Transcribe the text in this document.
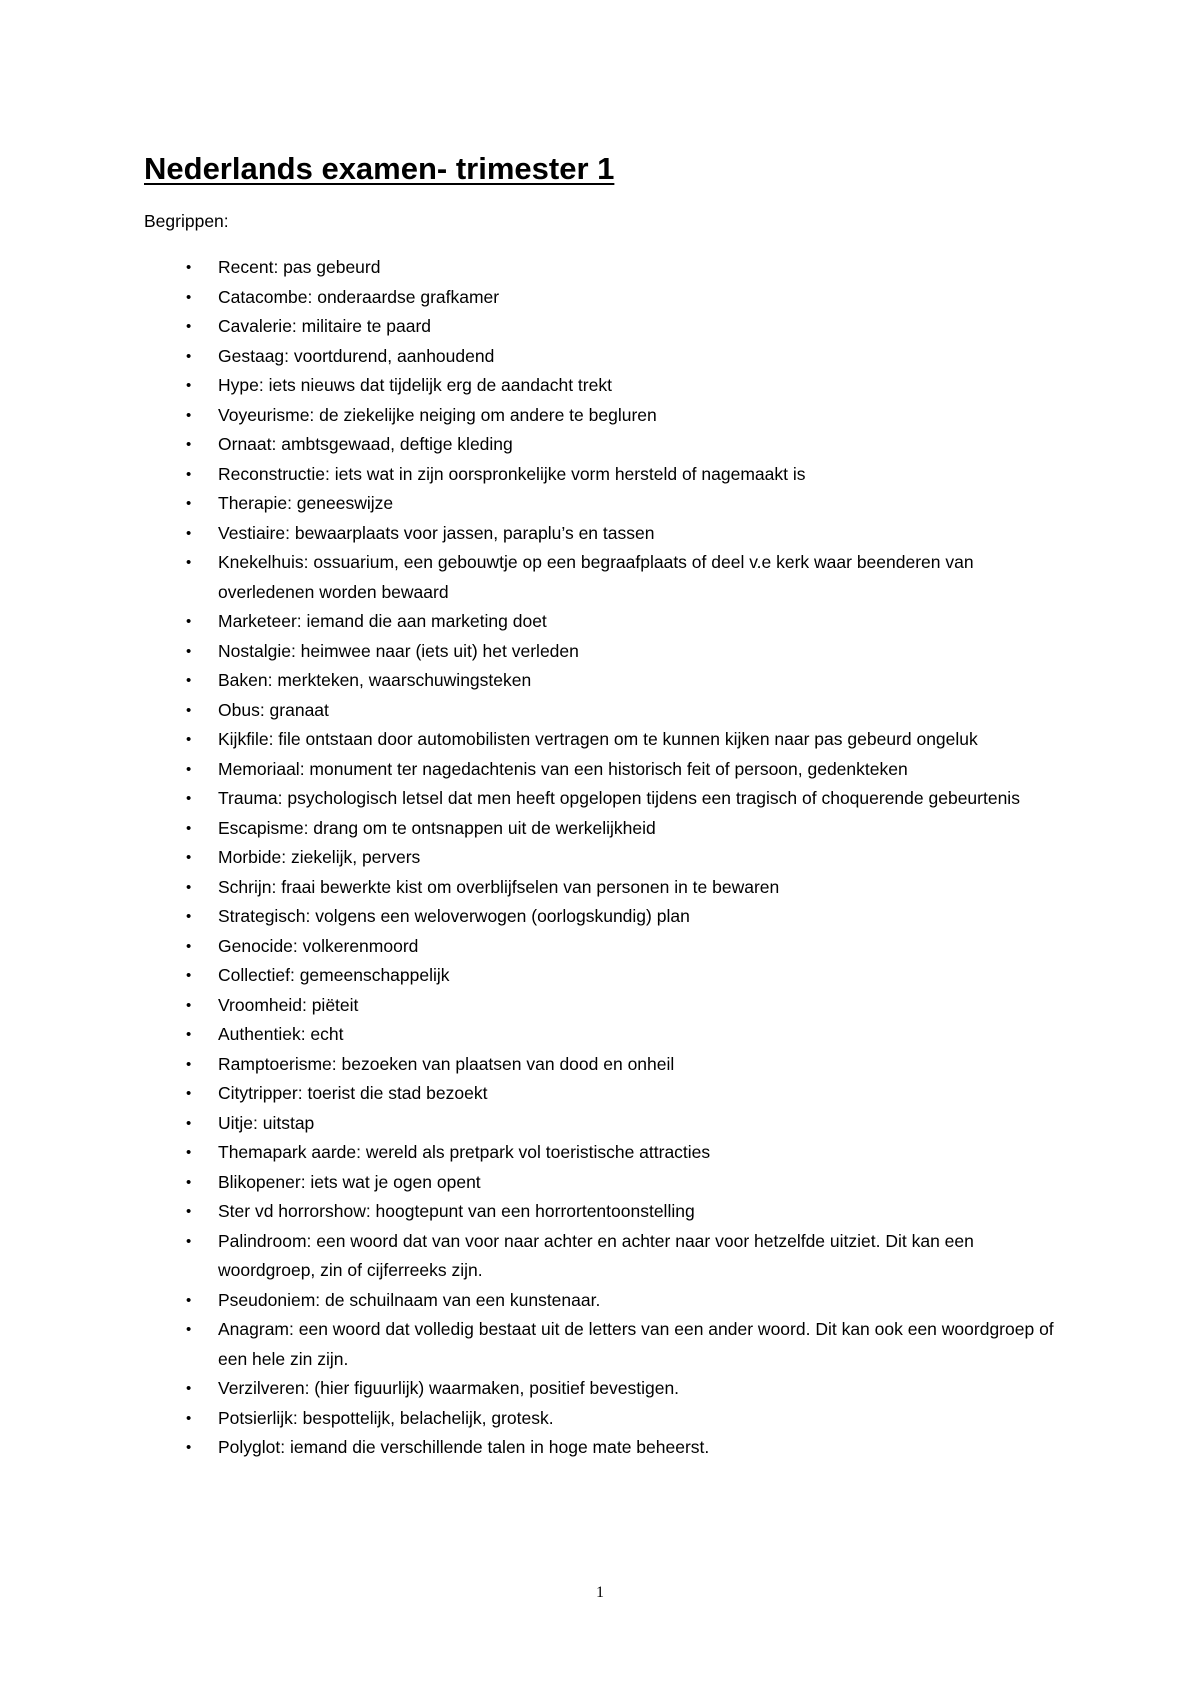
Nederlands examen- trimester 1

Begrippen:

• Recent: pas gebeurd
• Catacombe: onderaardse grafkamer
• Cavalerie: militaire te paard
• Gestaag: voortdurend, aanhoudend
• Hype: iets nieuws dat tijdelijk erg de aandacht trekt
• Voyeurisme: de ziekelijke neiging om andere te begluren
• Ornaat: ambtsgewaad, deftige kleding
• Reconstructie: iets wat in zijn oorspronkelijke vorm hersteld of nagemaakt is
• Therapie: geneeswijze
• Vestiaire: bewaarplaats voor jassen, paraplu’s en tassen
• Knekelhuis: ossuarium, een gebouwtje op een begraafplaats of deel v.e kerk waar beenderen van overledenen worden bewaard
• Marketeer: iemand die aan marketing doet
• Nostalgie: heimwee naar (iets uit) het verleden
• Baken: merkteken, waarschuwingsteken
• Obus: granaat
• Kijkfile: file ontstaan door automobilisten vertragen om te kunnen kijken naar pas gebeurd ongeluk
• Memoriaal: monument ter nagedachtenis van een historisch feit of persoon, gedenkteken
• Trauma: psychologisch letsel dat men heeft opgelopen tijdens een tragisch of choquerende gebeurtenis
• Escapisme: drang om te ontsnappen uit de werkelijkheid
• Morbide: ziekelijk, pervers
• Schrijn: fraai bewerkte kist om overblijfselen van personen in te bewaren
• Strategisch: volgens een weloverwogen (oorlogskundig) plan
• Genocide: volkerenmoord
• Collectief: gemeenschappelijk
• Vroomheid: piëteit
• Authentiek: echt
• Ramptoerisme: bezoeken van plaatsen van dood en onheil
• Citytripper: toerist die stad bezoekt
• Uitje: uitstap
• Themapark aarde: wereld als pretpark vol toeristische attracties
• Blikopener: iets wat je ogen opent
• Ster vd horrorshow: hoogtepunt van een horrortentoonstelling
• Palindroom: een woord dat van voor naar achter en achter naar voor hetzelfde uitziet. Dit kan een woordgroep, zin of cijferreeks zijn.
• Pseudoniem: de schuilnaam van een kunstenaar.
• Anagram: een woord dat volledig bestaat uit de letters van een ander woord. Dit kan ook een woordgroep of een hele zin zijn.
• Verzilveren: (hier figuurlijk) waarmaken, positief bevestigen.
• Potsierlijk: bespottelijk, belachelijk, grotesk.
• Polyglot: iemand die verschillende talen in hoge mate beheerst.
1
